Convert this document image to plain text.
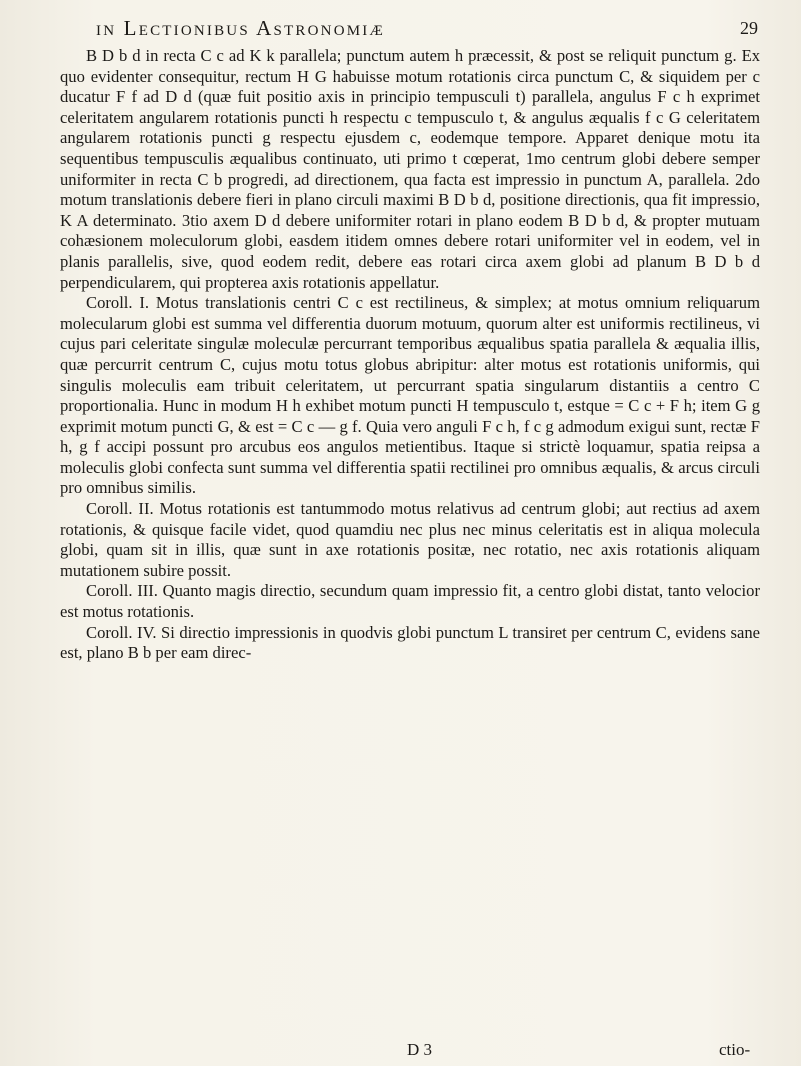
in Lectionibus Astronomiæ	29

B D b d in recta C c ad K k parallela; punctum autem h præcessit, & post se reliquit punctum g. Ex quo evidenter consequitur, rectum H G habuisse motum rotationis circa punctum C, & siquidem per c ducatur F f ad D d (quæ fuit positio axis in principio tempusculi t) parallela, angulus F c h exprimet celeritatem angularem rotationis puncti h respectu c tempusculo t, & angulus æqualis f c G celeritatem angularem rotationis puncti g respectu ejusdem c, eodemque tempore. Apparet denique motu ita sequentibus tempusculis æqualibus continuato, uti primo t cœperat, 1mo centrum globi debere semper uniformiter in recta C b progredi, ad directionem, qua facta est impressio in punctum A, parallela. 2do motum translationis debere fieri in plano circuli maximi B D b d, positione directionis, qua fit impressio, K A determinato. 3tio axem D d debere uniformiter rotari in plano eodem B D b d, & propter mutuam cohæsionem moleculorum globi, easdem itidem omnes debere rotari uniformiter vel in eodem, vel in planis parallelis, sive, quod eodem redit, debere eas rotari circa axem globi ad planum B D b d perpendicularem, qui propterea axis rotationis appellatur.

Coroll. I. Motus translationis centri C c est rectilineus, & simplex; at motus omnium reliquarum molecularum globi est summa vel differentia duorum motuum, quorum alter est uniformis rectilineus, vi cujus pari celeritate singulæ moleculæ percurrant temporibus æqualibus spatia parallela & æqualia illis, quæ percurrit centrum C, cujus motu totus globus abripitur: alter motus est rotationis uniformis, qui singulis moleculis eam tribuit celeritatem, ut percurrant spatia singularum distantiis a centro C proportionalia. Hunc in modum H h exhibet motum puncti H tempusculo t, estque = C c + F h; item G g exprimit motum puncti G, & est = C c — g f. Quia vero anguli F c h, f c g admodum exigui sunt, rectæ F h, g f accipi possunt pro arcubus eos angulos metientibus. Itaque si strictè loquamur, spatia reipsa a moleculis globi confecta sunt summa vel differentia spatii rectilinei pro omnibus æqualis, & arcus circuli pro omnibus similis.

Coroll. II. Motus rotationis est tantummodo motus relativus ad centrum globi; aut rectius ad axem rotationis, & quisque facile videt, quod quamdiu nec plus nec minus celeritatis est in aliqua molecula globi, quam sit in illis, quæ sunt in axe rotationis positæ, nec rotatio, nec axis rotationis aliquam mutationem subire possit.

Coroll. III. Quanto magis directio, secundum quam impressio fit, a centro globi distat, tanto velocior est motus rotationis.

Coroll. IV. Si directio impressionis in quodvis globi punctum L transiret per centrum C, evidens sane est, plano B b per eam direc-

D 3	ctio-
